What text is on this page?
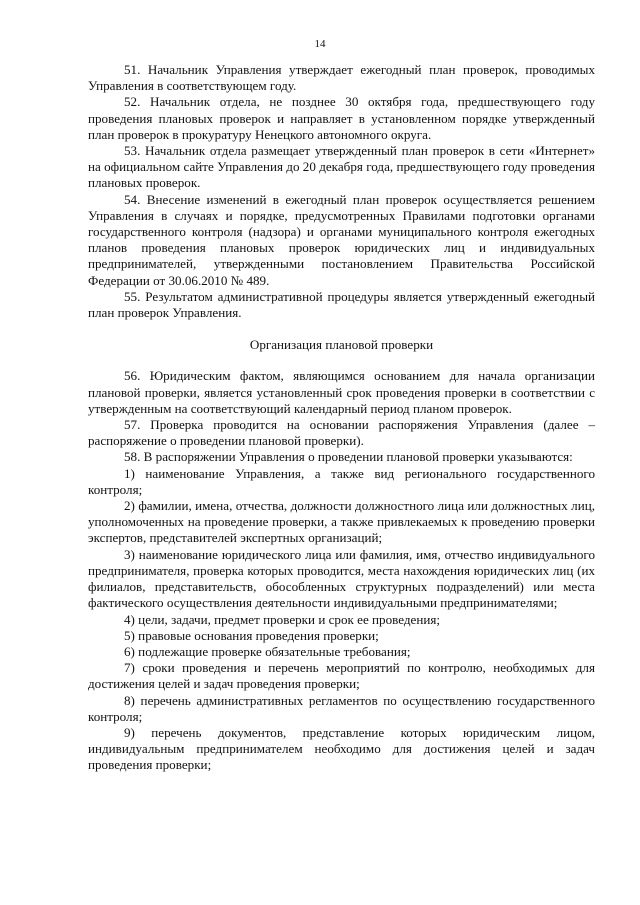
14

51. Начальник Управления утверждает ежегодный план проверок, проводимых Управления в соответствующем году.

52. Начальник отдела, не позднее 30 октября года, предшествующего году проведения плановых проверок и направляет в установленном порядке утвержденный план проверок в прокуратуру Ненецкого автономного округа.

53. Начальник отдела размещает утвержденный план проверок в сети «Интернет» на официальном сайте Управления до 20 декабря года, предшествующего году проведения плановых проверок.

54. Внесение изменений в ежегодный план проверок осуществляется решением Управления в случаях и порядке, предусмотренных Правилами подготовки органами государственного контроля (надзора) и органами муниципального контроля ежегодных планов проведения плановых проверок юридических лиц и индивидуальных предпринимателей, утвержденными постановлением Правительства Российской Федерации от 30.06.2010 № 489.

55. Результатом административной процедуры является утвержденный ежегодный план проверок Управления.

Организация плановой проверки

56. Юридическим фактом, являющимся основанием для начала организации плановой проверки, является установленный срок проведения проверки в соответствии с утвержденным на соответствующий календарный период планом проверок.

57. Проверка проводится на основании распоряжения Управления (далее – распоряжение о проведении плановой проверки).

58. В распоряжении Управления о проведении плановой проверки указываются:

1) наименование Управления, а также вид регионального государственного контроля;

2) фамилии, имена, отчества, должности должностного лица или должностных лиц, уполномоченных на проведение проверки, а также привлекаемых к проведению проверки экспертов, представителей экспертных организаций;

3) наименование юридического лица или фамилия, имя, отчество индивидуального предпринимателя, проверка которых проводится, места нахождения юридических лиц (их филиалов, представительств, обособленных структурных подразделений) или места фактического осуществления деятельности индивидуальными предпринимателями;

4) цели, задачи, предмет проверки и срок ее проведения;

5) правовые основания проведения проверки;

6) подлежащие проверке обязательные требования;

7) сроки проведения и перечень мероприятий по контролю, необходимых для достижения целей и задач проведения проверки;

8) перечень административных регламентов по осуществлению государственного контроля;

9) перечень документов, представление которых юридическим лицом, индивидуальным предпринимателем необходимо для достижения целей и задач проведения проверки;
